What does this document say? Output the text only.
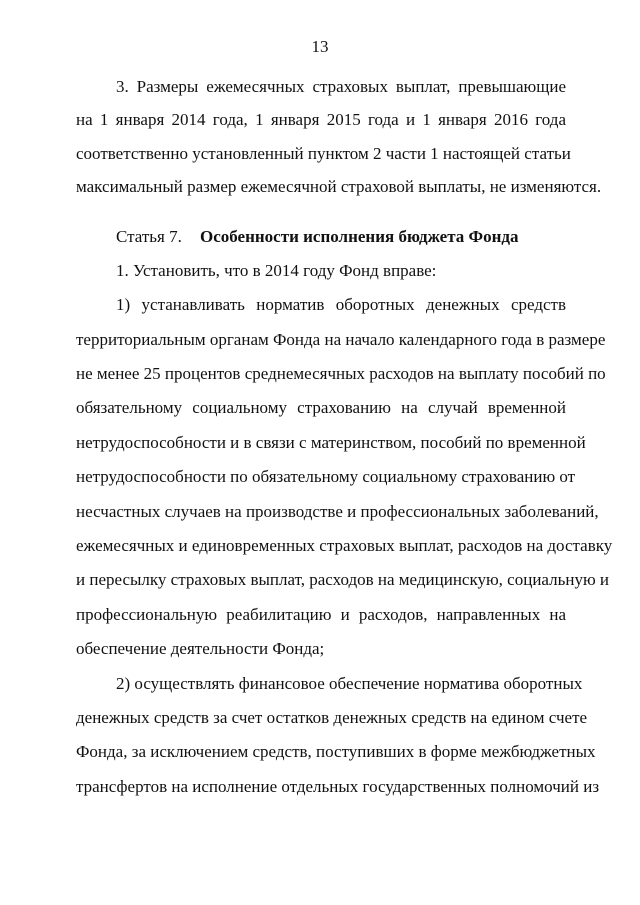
13
3. Размеры ежемесячных страховых выплат, превышающие
на 1 января 2014 года, 1 января 2015 года и 1 января 2016 года
соответственно установленный пунктом 2 части 1 настоящей статьи
максимальный размер ежемесячной страховой выплаты, не изменяются.
Статья 7. Особенности исполнения бюджета Фонда
1. Установить, что в 2014 году Фонд вправе:
1) устанавливать норматив оборотных денежных средств
территориальным органам Фонда на начало календарного года в размере
не менее 25 процентов среднемесячных расходов на выплату пособий по
обязательному социальному страхованию на случай временной
нетрудоспособности и в связи с материнством, пособий по временной
нетрудоспособности по обязательному социальному страхованию от
несчастных случаев на производстве и профессиональных заболеваний,
ежемесячных и единовременных страховых выплат, расходов на доставку
и пересылку страховых выплат, расходов на медицинскую, социальную и
профессиональную реабилитацию и расходов, направленных на
обеспечение деятельности Фонда;
2) осуществлять финансовое обеспечение норматива оборотных
денежных средств за счет остатков денежных средств на едином счете
Фонда, за исключением средств, поступивших в форме межбюджетных
трансфертов на исполнение отдельных государственных полномочий из
